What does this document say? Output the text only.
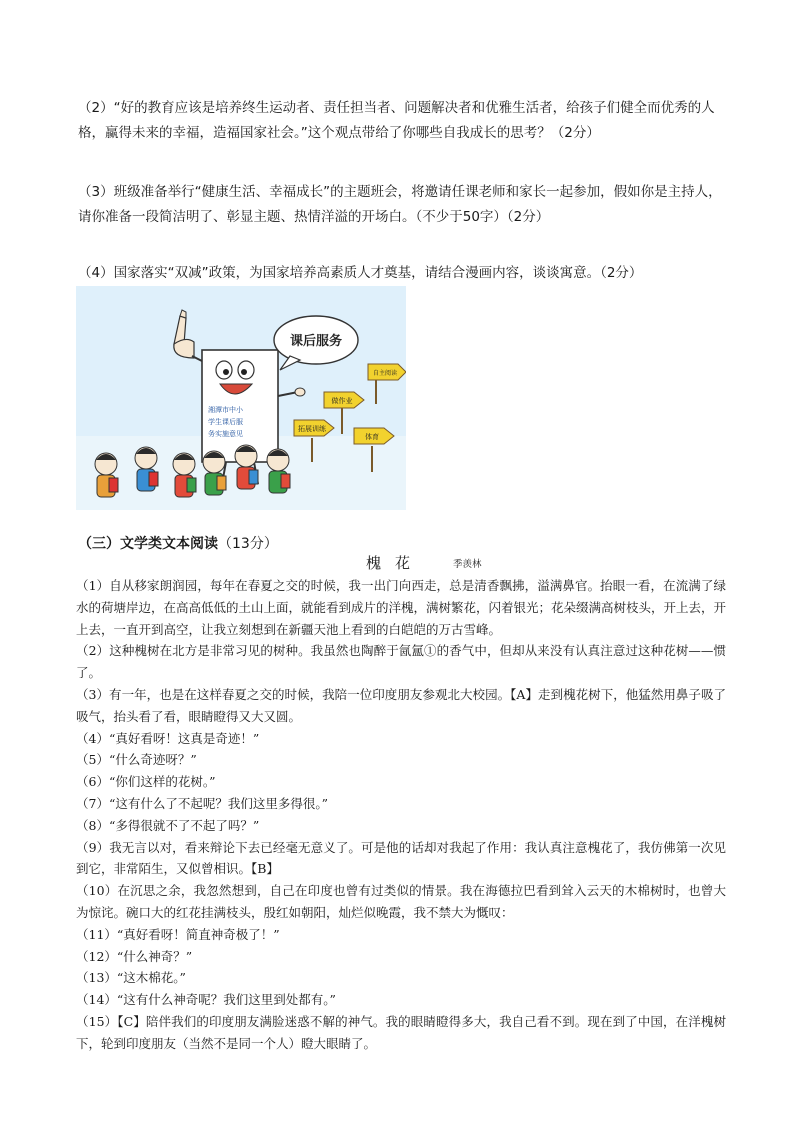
（2）“好的教育应该是培养终生运动者、责任担当者、问题解决者和优雅生活者，给孩子们健全而优秀的人格，赢得未来的幸福，造福国家社会。”这个观点带给了你哪些自我成长的思考？（2分）
（3）班级准备举行“健康生活、幸福成长”的主题班会，将邀请任课老师和家长一起参加，假如你是主持人，请你准备一段简洁明了、彰显主题、热情洋溢的开场白。（不少于50字）（2分）
（4）国家落实“双减”政策，为国家培养高素质人才奠基，请结合漫画内容，谈谈寓意。（2分）
湘潭市中小
学生课后服
务实施意见
课后服务
自主阅读
做作业
拓展训练
体育
（三）文学类文本阅读（13分）
槐花	季羡林

（1）自从移家朗润园，每年在春夏之交的时候，我一出门向西走，总是清香飘拂，溢满鼻官。抬眼一看，在流满了绿水的荷塘岸边，在高高低低的土山上面，就能看到成片的洋槐，满树繁花，闪着银光；花朵缀满高树枝头，开上去，开上去，一直开到高空，让我立刻想到在新疆天池上看到的白皑皑的万古雪峰。

（2）这种槐树在北方是非常习见的树种。我虽然也陶醉于氤氲①的香气中，但却从来没有认真注意过这种花树——惯了。

（3）有一年，也是在这样春夏之交的时候，我陪一位印度朋友参观北大校园。【A】走到槐花树下，他猛然用鼻子吸了吸气，抬头看了看，眼睛瞪得又大又圆。

（4）“真好看呀！这真是奇迹！”

（5）“什么奇迹呀？”

（6）“你们这样的花树。”

（7）“这有什么了不起呢？我们这里多得很。”

（8）“多得很就不了不起了吗？”

（9）我无言以对，看来辩论下去已经毫无意义了。可是他的话却对我起了作用：我认真注意槐花了，我仿佛第一次见到它，非常陌生，又似曾相识。【B】

（10）在沉思之余，我忽然想到，自己在印度也曾有过类似的情景。我在海德拉巴看到耸入云天的木棉树时，也曾大为惊诧。碗口大的红花挂满枝头，殷红如朝阳，灿烂似晚霞，我不禁大为慨叹：

（11）“真好看呀！简直神奇极了！”

（12）“什么神奇？”

（13）“这木棉花。”

（14）“这有什么神奇呢？我们这里到处都有。”

（15）【C】陪伴我们的印度朋友满脸迷惑不解的神气。我的眼睛瞪得多大，我自己看不到。现在到了中国，在洋槐树下，轮到印度朋友（当然不是同一个人）瞪大眼睛了。
